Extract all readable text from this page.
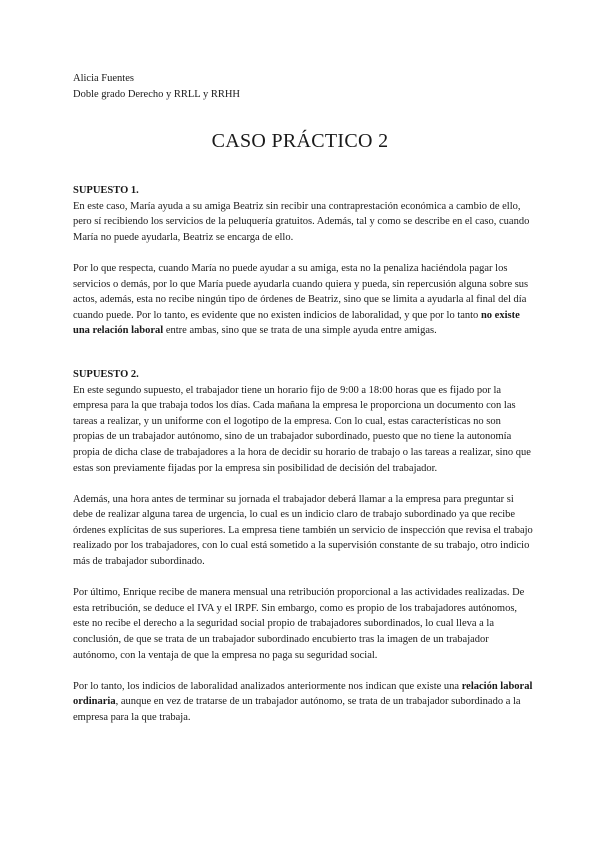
Alicia Fuentes
Doble grado Derecho y RRLL y RRHH
CASO PRÁCTICO 2
SUPUESTO 1.

En este caso, María ayuda a su amiga Beatriz sin recibir una contraprestación económica a cambio de ello, pero sí recibiendo los servicios de la peluquería gratuitos. Además, tal y como se describe en el caso, cuando María no puede ayudarla, Beatriz se encarga de ello.

Por lo que respecta, cuando María no puede ayudar a su amiga, esta no la penaliza haciéndola pagar los servicios o demás, por lo que María puede ayudarla cuando quiera y pueda, sin repercusión alguna sobre sus actos, además, esta no recibe ningún tipo de órdenes de Beatriz, sino que se limita a ayudarla al final del día cuando puede. Por lo tanto, es evidente que no existen indicios de laboralidad, y que por lo tanto no existe una relación laboral entre ambas, sino que se trata de una simple ayuda entre amigas.

SUPUESTO 2.

En este segundo supuesto, el trabajador tiene un horario fijo de 9:00 a 18:00 horas que es fijado por la empresa para la que trabaja todos los días. Cada mañana la empresa le proporciona un documento con las tareas a realizar, y un uniforme con el logotipo de la empresa. Con lo cual, estas características no son propias de un trabajador autónomo, sino de un trabajador subordinado, puesto que no tiene la autonomía propia de dicha clase de trabajadores a la hora de decidir su horario de trabajo o las tareas a realizar, sino que estas son previamente fijadas por la empresa sin posibilidad de decisión del trabajador.

Además, una hora antes de terminar su jornada el trabajador deberá llamar a la empresa para preguntar si debe de realizar alguna tarea de urgencia, lo cual es un indicio claro de trabajo subordinado ya que recibe órdenes explícitas de sus superiores. La empresa tiene también un servicio de inspección que revisa el trabajo realizado por los trabajadores, con lo cual está sometido a la supervisión constante de su trabajo, otro indicio más de trabajador subordinado.

Por último, Enrique recibe de manera mensual una retribución proporcional a las actividades realizadas. De esta retribución, se deduce el IVA y el IRPF. Sin embargo, como es propio de los trabajadores autónomos, este no recibe el derecho a la seguridad social propio de trabajadores subordinados, lo cual lleva a la conclusión, de que se trata de un trabajador subordinado encubierto tras la imagen de un trabajador autónomo, con la ventaja de que la empresa no paga su seguridad social.

Por lo tanto, los indicios de laboralidad analizados anteriormente nos indican que existe una relación laboral ordinaria, aunque en vez de tratarse de un trabajador autónomo, se trata de un trabajador subordinado a la empresa para la que trabaja.
